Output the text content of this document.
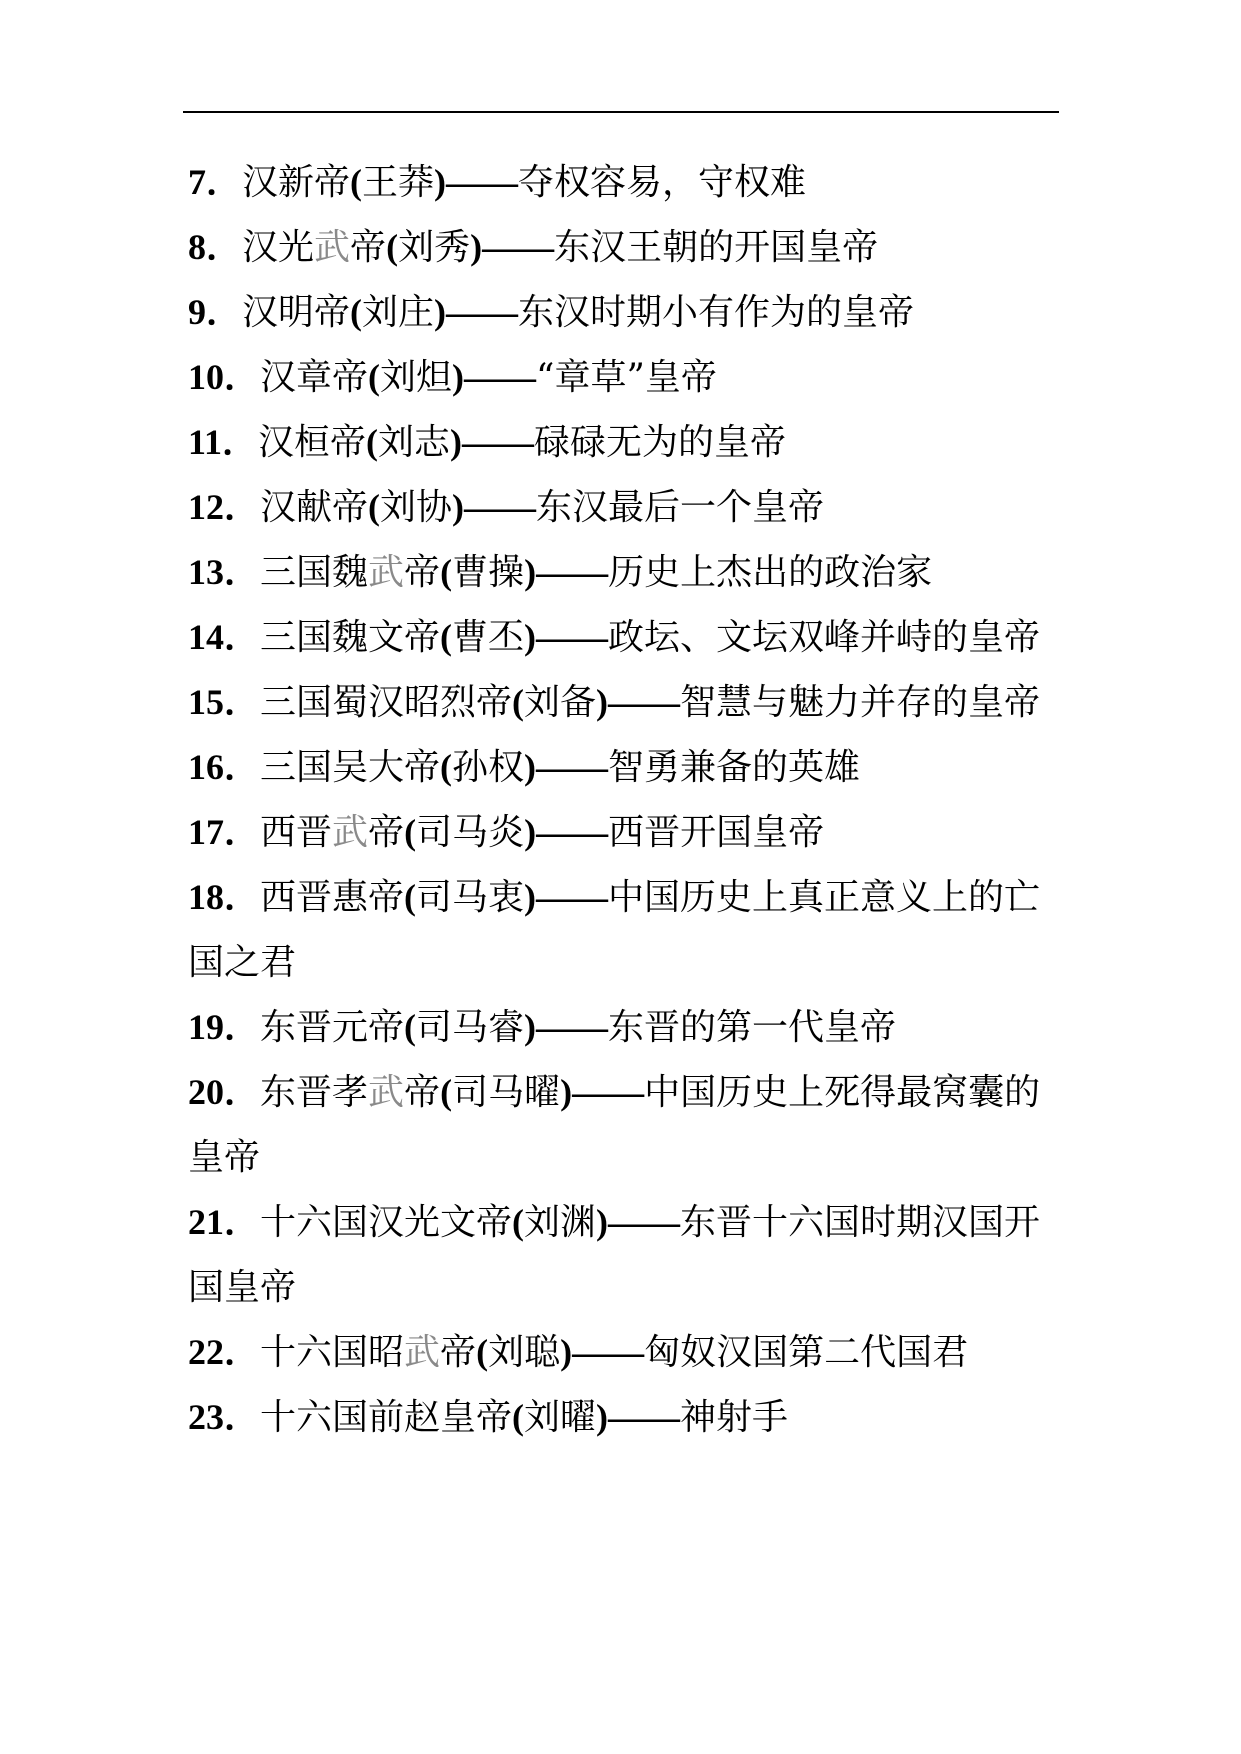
7．汉新帝(王莽)——夺权容易，守权难

8．汉光武帝(刘秀)——东汉王朝的开国皇帝

9．汉明帝(刘庄)——东汉时期小有作为的皇帝

10．汉章帝(刘炟)——“章草”皇帝

11．汉桓帝(刘志)——碌碌无为的皇帝

12．汉献帝(刘协)——东汉最后一个皇帝

13．三国魏武帝(曹操)——历史上杰出的政治家

14．三国魏文帝(曹丕)——政坛、文坛双峰并峙的皇帝

15．三国蜀汉昭烈帝(刘备)——智慧与魅力并存的皇帝

16．三国吴大帝(孙权)——智勇兼备的英雄

17．西晋武帝(司马炎)——西晋开国皇帝

18．西晋惠帝(司马衷)——中国历史上真正意义上的亡国之君

19．东晋元帝(司马睿)——东晋的第一代皇帝

20．东晋孝武帝(司马曜)——中国历史上死得最窝囊的皇帝

21．十六国汉光文帝(刘渊)——东晋十六国时期汉国开国皇帝

22．十六国昭武帝(刘聪)——匈奴汉国第二代国君

23．十六国前赵皇帝(刘曜)——神射手
